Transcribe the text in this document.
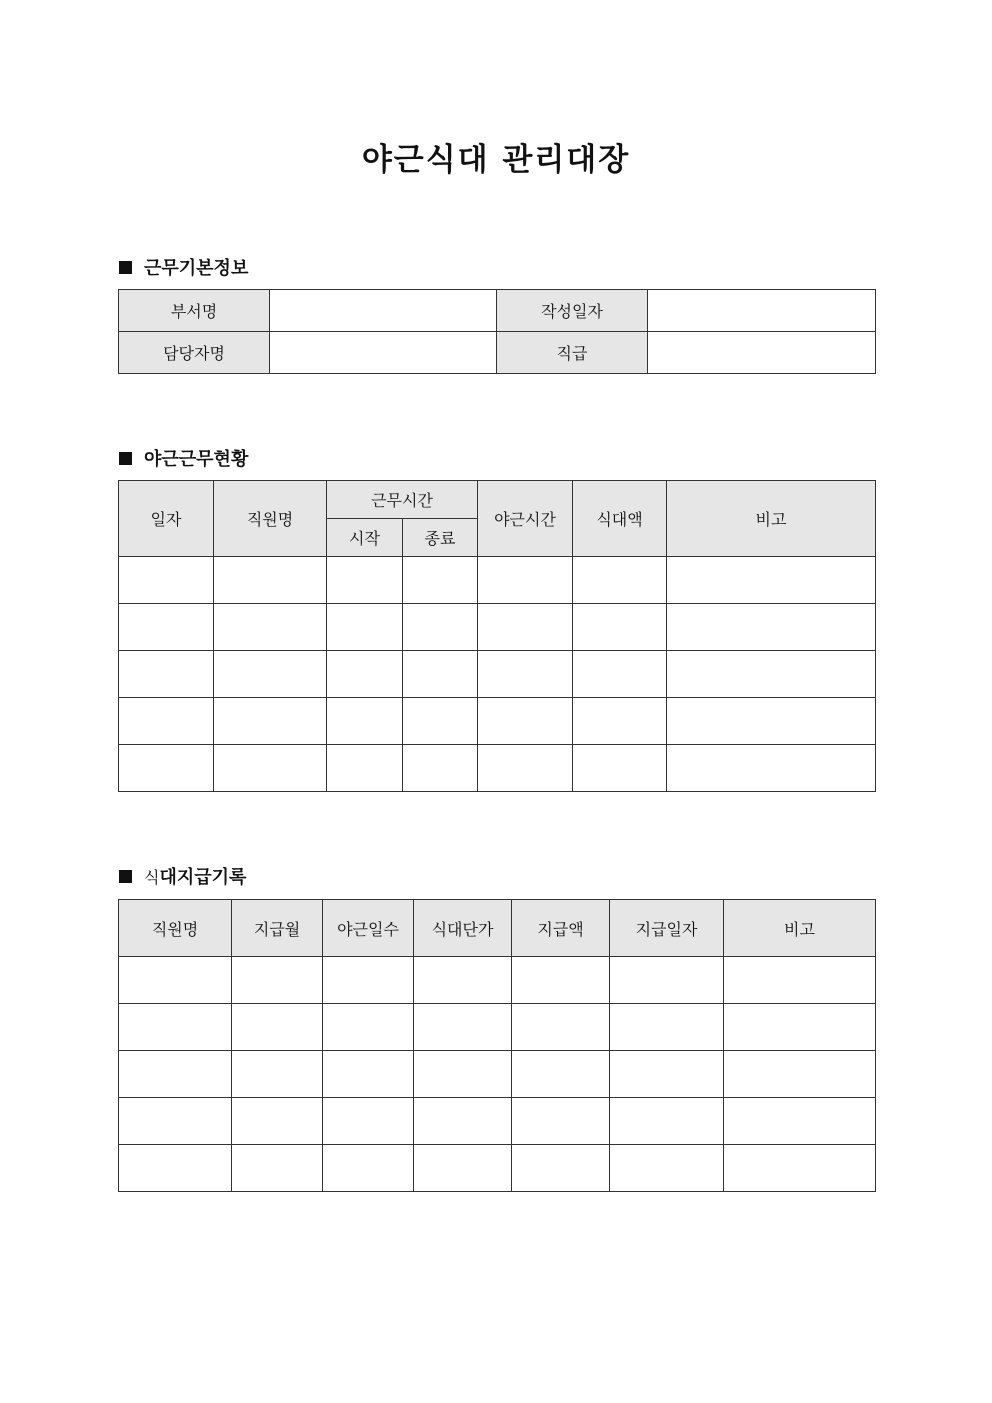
야근식대 관리대장
근무기본정보
부서명		작성일자	
담당자명		직급	
야근근무현황
일자	직원명	근무시간		야근시간	식대액	비고
		시작	종료			

식 대지급기록
직원명	지급월	야근일수	식대단가	지급액	지급일자	비고
